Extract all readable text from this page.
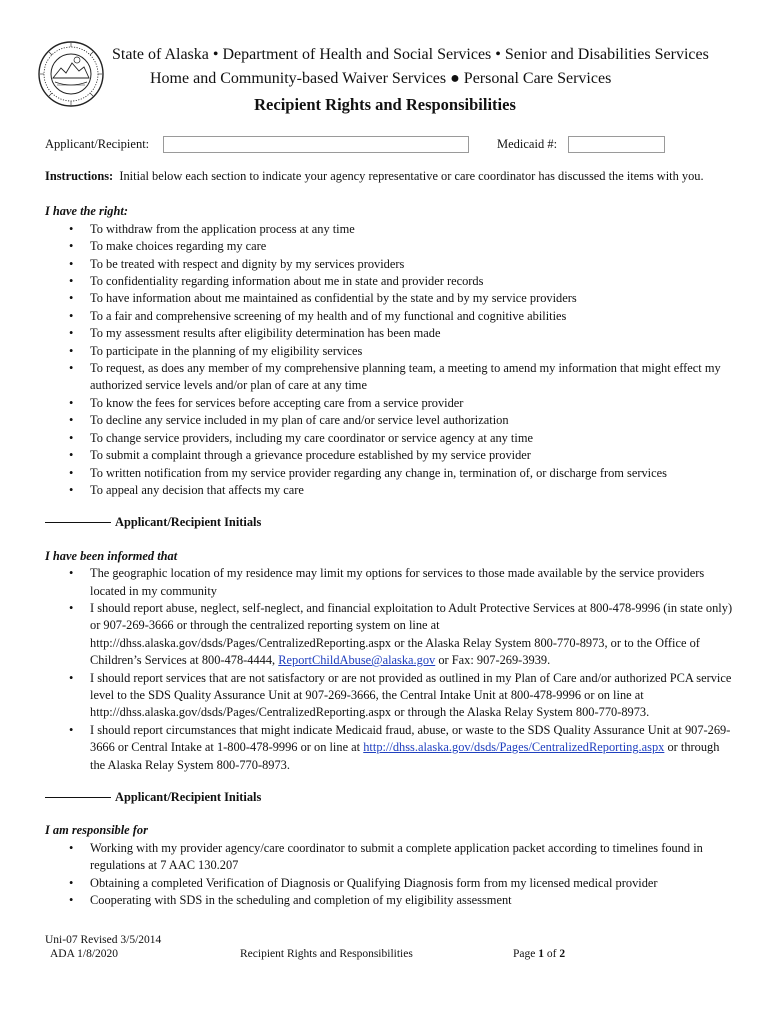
State of Alaska • Department of Health and Social Services • Senior and Disabilities Services
Home and Community-based Waiver Services ● Personal Care Services
Recipient Rights and Responsibilities
Applicant/Recipient:	Medicaid #:

Instructions: Initial below each section to indicate your agency representative or care coordinator has discussed the items with you.

I have the right:

• To withdraw from the application process at any time
• To make choices regarding my care
• To be treated with respect and dignity by my services providers
• To confidentiality regarding information about me in state and provider records
• To have information about me maintained as confidential by the state and by my service providers
• To a fair and comprehensive screening of my health and of my functional and cognitive abilities
• To my assessment results after eligibility determination has been made
• To participate in the planning of my eligibility services
• To request, as does any member of my comprehensive planning team, a meeting to amend my information that might effect my authorized service levels and/or plan of care at any time
• To know the fees for services before accepting care from a service provider
• To decline any service included in my plan of care and/or service level authorization
• To change service providers, including my care coordinator or service agency at any time
• To submit a complaint through a grievance procedure established by my service provider
• To written notification from my service provider regarding any change in, termination of, or discharge from services
• To appeal any decision that affects my care

Applicant/Recipient Initials

I have been informed that

• The geographic location of my residence may limit my options for services to those made available by the service providers located in my community
• I should report abuse, neglect, self-neglect, and financial exploitation to Adult Protective Services at 800-478-9996 (in state only) or 907-269-3666 or through the centralized reporting system on line at http://dhss.alaska.gov/dsds/Pages/CentralizedReporting.aspx or the Alaska Relay System 800-770-8973, or to the Office of Children’s Services at 800-478-4444, ReportChildAbuse@alaska.gov or Fax: 907-269-3939.
• I should report services that are not satisfactory or are not provided as outlined in my Plan of Care and/or authorized PCA service level to the SDS Quality Assurance Unit at 907-269-3666, the Central Intake Unit at 800-478-9996 or on line at http://dhss.alaska.gov/dsds/Pages/CentralizedReporting.aspx or through the Alaska Relay System 800-770-8973.
• I should report circumstances that might indicate Medicaid fraud, abuse, or waste to the SDS Quality Assurance Unit at 907-269-3666 or Central Intake at 1-800-478-9996 or on line at http://dhss.alaska.gov/dsds/Pages/CentralizedReporting.aspx or through the Alaska Relay System 800-770-8973.

Applicant/Recipient Initials

I am responsible for

• Working with my provider agency/care coordinator to submit a complete application packet according to timelines found in regulations at 7 AAC 130.207
• Obtaining a completed Verification of Diagnosis or Qualifying Diagnosis form from my licensed medical provider
• Cooperating with SDS in the scheduling and completion of my eligibility assessment
Uni-07 Revised 3/5/2014
ADA 1/8/2020	Recipient Rights and Responsibilities	Page 1 of 2
